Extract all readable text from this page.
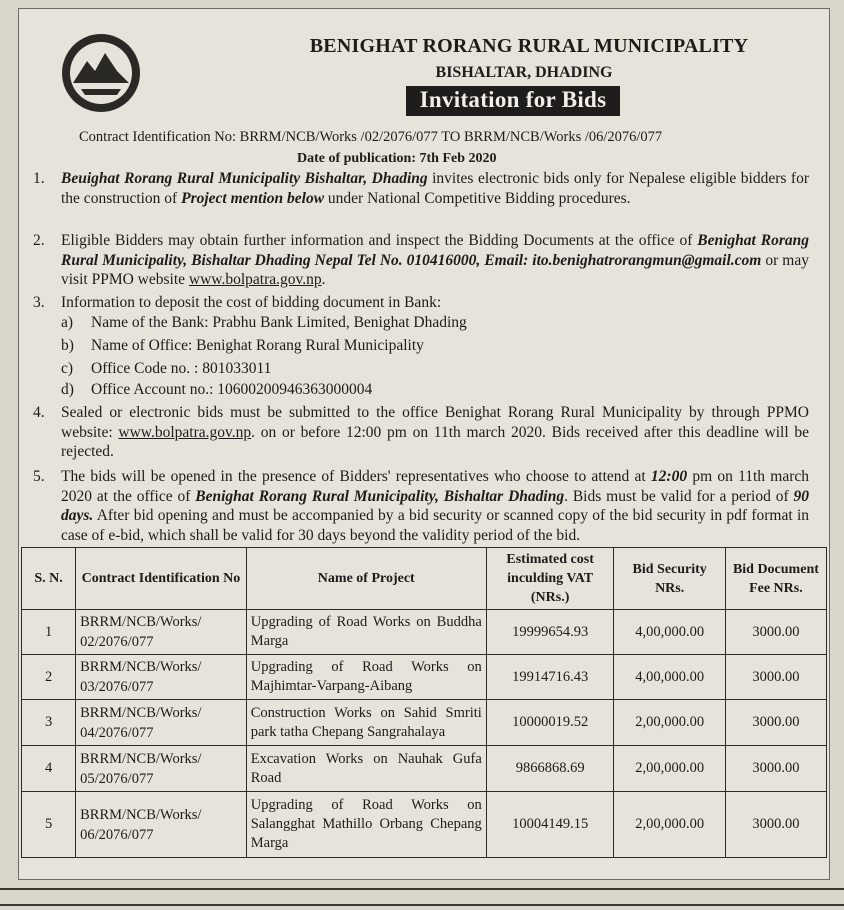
BENIGHAT RORANG RURAL MUNICIPALITY
BISHALTAR, DHADING
Invitation for Bids
Contract Identification No: BRRM/NCB/Works /02/2076/077 TO BRRM/NCB/Works /06/2076/077
Date of publication: 7th Feb 2020
1.	Beuighat Rorang Rural Municipality Bishaltar, Dhading invites electronic bids only for Nepalese eligible bidders for the construction of Project mention below under National Competitive Bidding procedures.
2.	Eligible Bidders may obtain further information and inspect the Bidding Documents at the office of Benighat Rorang Rural Municipality, Bishaltar Dhading Nepal Tel No. 010416000, Email: ito.benighatrorangmun@gmail.com or may visit PPMO website www.bolpatra.gov.np.
3.	Information to deposit the cost of bidding document in Bank:
a) Name of the Bank: Prabhu Bank Limited, Benighat Dhading
b) Name of Office: Benighat Rorang Rural Municipality
c) Office Code no. : 801033011
d) Office Account no.: 10600200946363000004
4.	Sealed or electronic bids must be submitted to the office Benighat Rorang Rural Municipality by through PPMO website: www.bolpatra.gov.np. on or before 12:00 pm on 11th march 2020. Bids received after this deadline will be rejected.
5.	The bids will be opened in the presence of Bidders' representatives who choose to attend at 12:00 pm on 11th march 2020 at the office of Benighat Rorang Rural Municipality, Bishaltar Dhading. Bids must be valid for a period of 90 days. After bid opening and must be accompanied by a bid security or scanned copy of the bid security in pdf format in case of e-bid, which shall be valid for 30 days beyond the validity period of the bid.
S. N.	Contract Identification No	Name of Project	Estimated cost inculding VAT (NRs.)	Bid Security NRs.	Bid Document Fee NRs.
1	BRRM/NCB/Works/ 02/2076/077	Upgrading of Road Works on Buddha Marga	19999654.93	4,00,000.00	3000.00
2	BRRM/NCB/Works/ 03/2076/077	Upgrading of Road Works on Majhimtar-Varpang-Aibang	19914716.43	4,00,000.00	3000.00
3	BRRM/NCB/Works/ 04/2076/077	Construction Works on Sahid Smriti park tatha Chepang Sangrahalaya	10000019.52	2,00,000.00	3000.00
4	BRRM/NCB/Works/ 05/2076/077	Excavation Works on Nauhak Gufa Road	9866868.69	2,00,000.00	3000.00
5	BRRM/NCB/Works/ 06/2076/077	Upgrading of Road Works on Salangghat Mathillo Orbang Chepang Marga	10004149.15	2,00,000.00	3000.00
